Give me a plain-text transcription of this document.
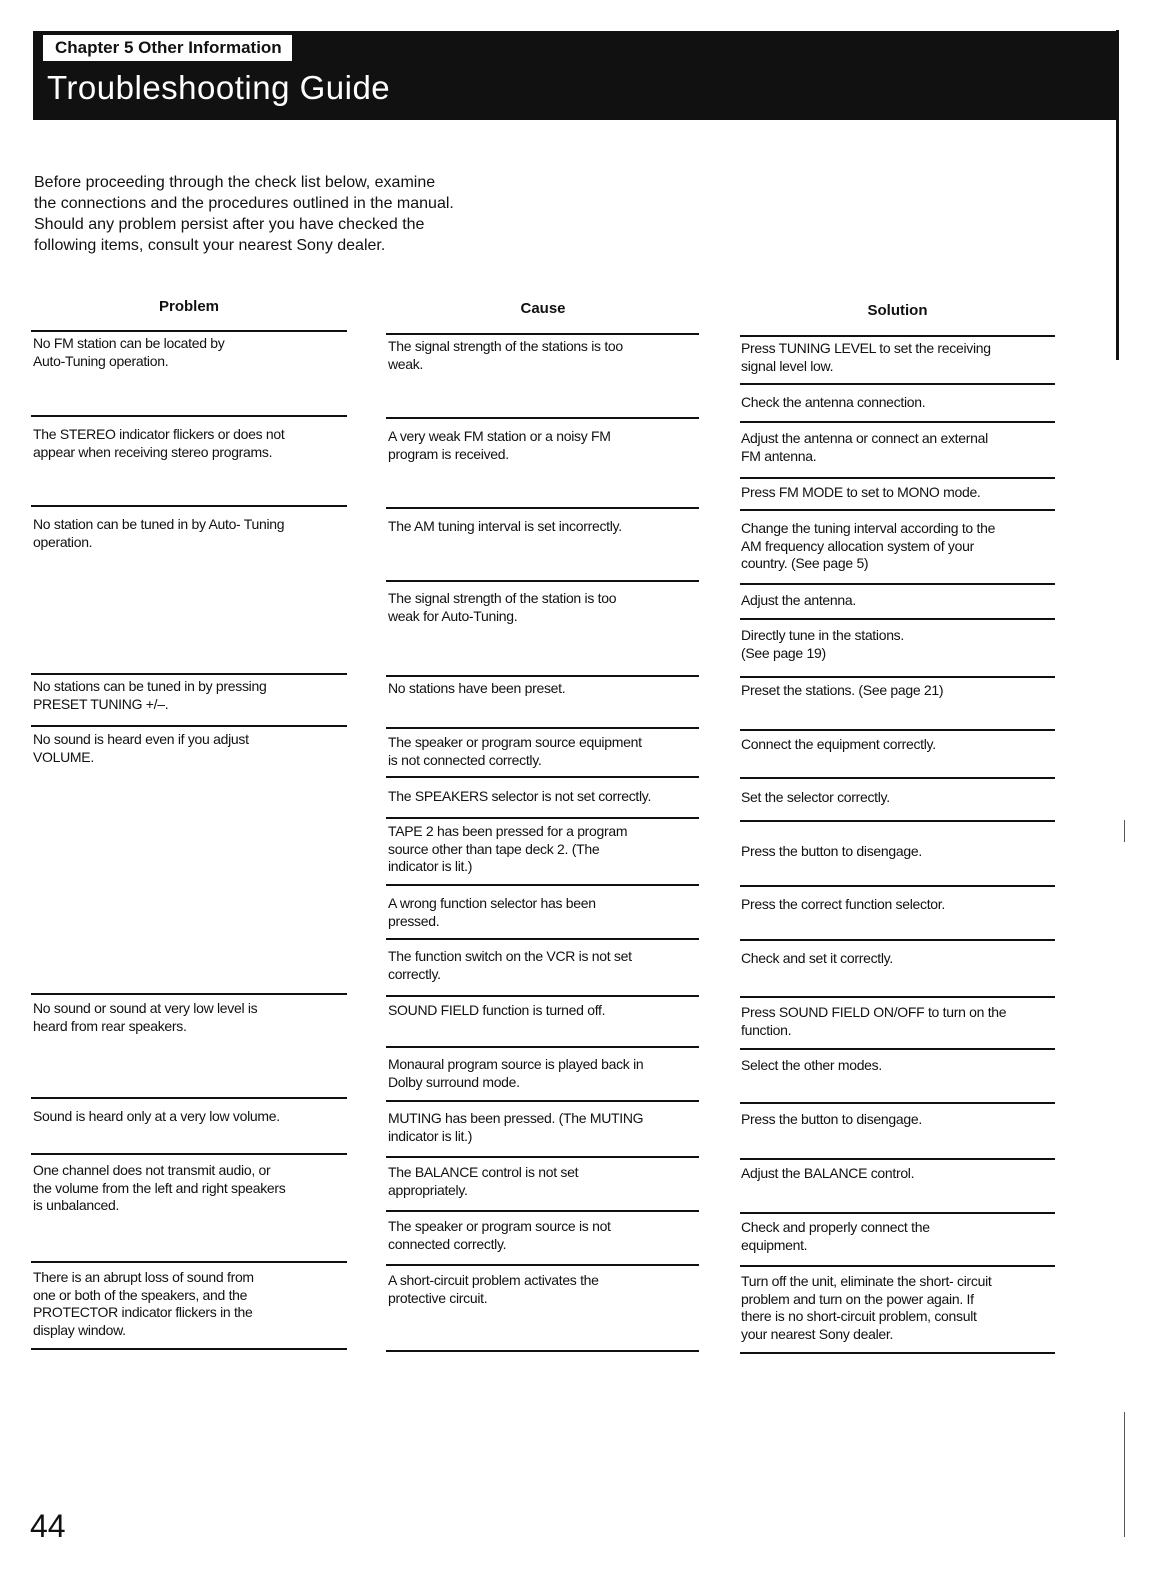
Chapter 5 Other Information
Troubleshooting Guide

Before proceeding through the check list below, examine
the connections and the procedures outlined in the manual.
Should any problem persist after you have checked the
following items, consult your nearest Sony dealer.

Problem	Cause	Solution
No FM station can be located by
Auto-Tuning operation.
The STEREO indicator flickers or does not
appear when receiving stereo programs.
No station can be tuned in by Auto- Tuning
operation.
No stations can be tuned in by pressing
PRESET TUNING +/–.
No sound is heard even if you adjust
VOLUME.
No sound or sound at very low level is
heard from rear speakers.
Sound is heard only at a very low volume.
One channel does not transmit audio, or
the volume from the left and right speakers
is unbalanced.
There is an abrupt loss of sound from
one or both of the speakers, and the
PROTECTOR indicator flickers in the
display window.
The signal strength of the stations is too
weak.
A very weak FM station or a noisy FM
program is received.
The AM tuning interval is set incorrectly.
The signal strength of the station is too
weak for Auto-Tuning.
No stations have been preset.
The speaker or program source equipment
is not connected correctly.
The SPEAKERS selector is not set correctly.
TAPE 2 has been pressed for a program
source other than tape deck 2. (The
indicator is lit.)
A wrong function selector has been
pressed.
The function switch on the VCR is not set
correctly.
SOUND FIELD function is turned off.
Monaural program source is played back in
Dolby surround mode.
MUTING has been pressed. (The MUTING
indicator is lit.)
The BALANCE control is not set
appropriately.
The speaker or program source is not
connected correctly.
A short-circuit problem activates the
protective circuit.
Press TUNING LEVEL to set the receiving
signal level low.
Check the antenna connection.
Adjust the antenna or connect an external
FM antenna.
Press FM MODE to set to MONO mode.
Change the tuning interval according to the
AM frequency allocation system of your
country. (See page 5)
Adjust the antenna.
Directly tune in the stations.
(See page 19)
Preset the stations. (See page 21)
Connect the equipment correctly.
Set the selector correctly.
Press the button to disengage.
Press the correct function selector.
Check and set it correctly.
Press SOUND FIELD ON/OFF to turn on the
function.
Select the other modes.
Press the button to disengage.
Adjust the BALANCE control.
Check and properly connect the
equipment.
Turn off the unit, eliminate the short- circuit
problem and turn on the power again. If
there is no short-circuit problem, consult
your nearest Sony dealer.
44
